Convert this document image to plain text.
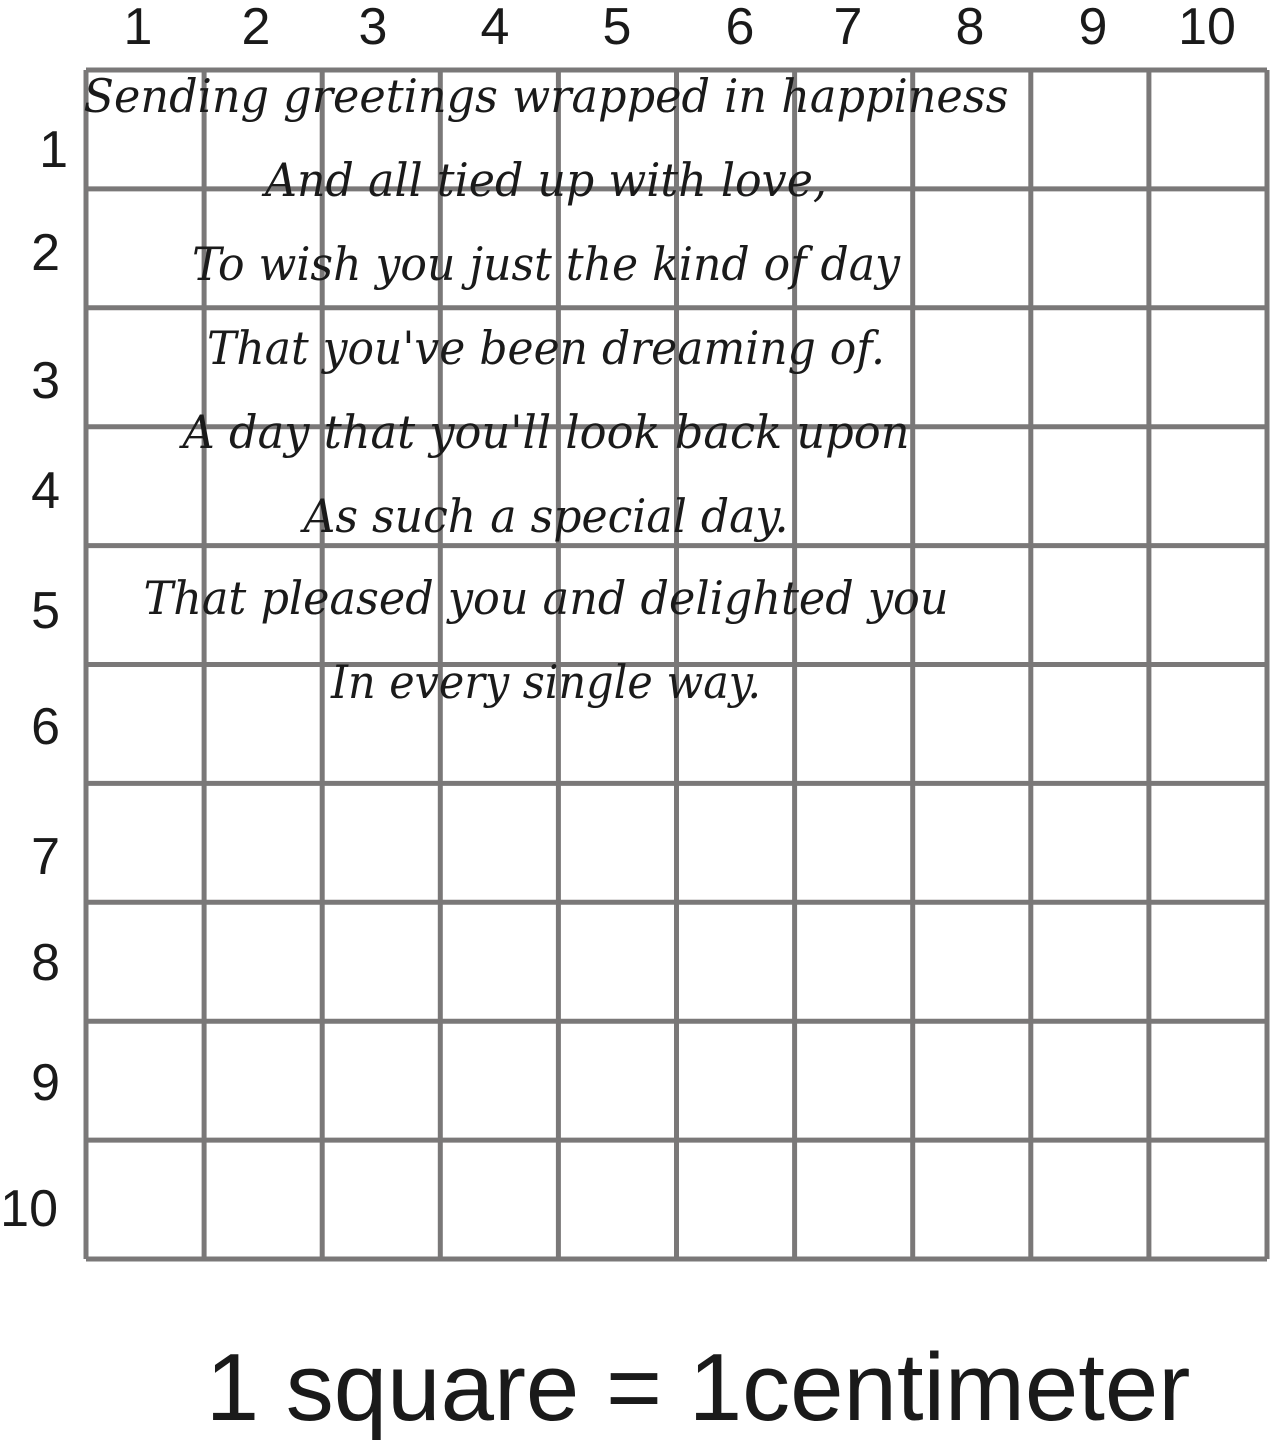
1 2 3 4 5 6 7 8 9 10
1
2
3
4
5
6
7
8
9
10
Sending greetings wrapped in happiness
And all tied up with love,
To wish you just the kind of day
That you've been dreaming of.
A day that you'll look back upon
As such a special day.
That pleased you and delighted you
In every single way.
1 square = 1centimeter
